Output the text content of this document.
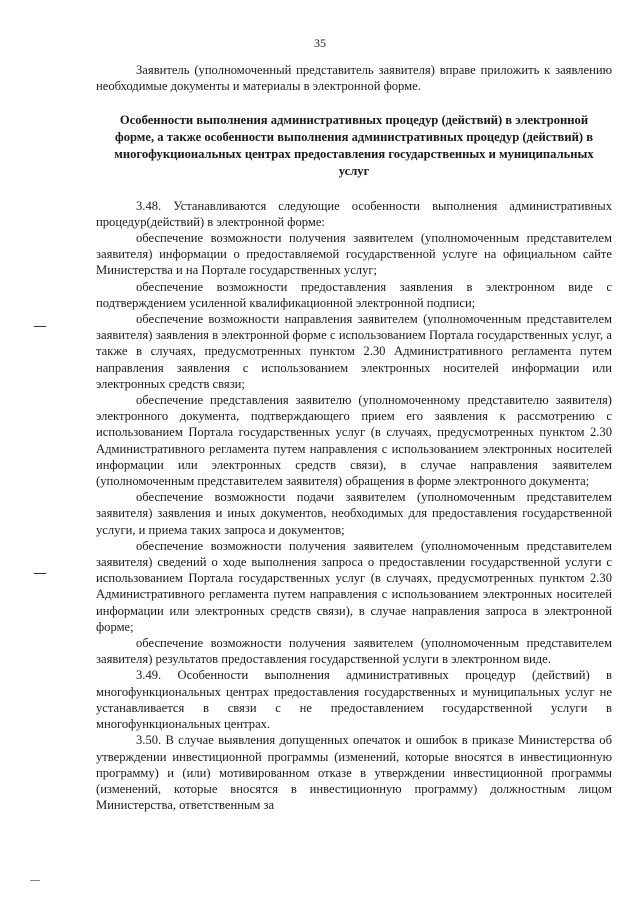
35

Заявитель (уполномоченный представитель заявителя) вправе приложить к заявлению необходимые документы и материалы в электронной форме.

Особенности выполнения административных процедур (действий) в электронной форме, а также особенности выполнения административных процедур (действий) в многофукциональных центрах предоставления государственных и муниципальных услуг

3.48. Устанавливаются следующие особенности выполнения административных процедур(действий) в электронной форме:

обеспечение возможности получения заявителем (уполномоченным представителем заявителя) информации о предоставляемой государственной услуге на официальном сайте Министерства и на Портале государственных услуг;

обеспечение возможности предоставления заявления в электронном виде с подтверждением усиленной квалификационной электронной подписи;

обеспечение возможности направления заявителем (уполномоченным представителем заявителя) заявления в электронной форме с использованием Портала государственных услуг, а также в случаях, предусмотренных пунктом 2.30 Административного регламента путем направления заявления с использованием электронных носителей информации или электронных средств связи;

обеспечение представления заявителю (уполномоченному представителю заявителя) электронного документа, подтверждающего прием его заявления к рассмотрению с использованием Портала государственных услуг (в случаях, предусмотренных пунктом 2.30 Административного регламента путем направления с использованием электронных носителей информации или электронных средств связи), в случае направления заявителем (уполномоченным представителем заявителя) обращения в форме электронного документа;

обеспечение возможности подачи заявителем (уполномоченным представителем заявителя) заявления и иных документов, необходимых для предоставления государственной услуги, и приема таких запроса и документов;

обеспечение возможности получения заявителем (уполномоченным представителем заявителя) сведений о ходе выполнения запроса о предоставлении государственной услуги с использованием Портала государственных услуг (в случаях, предусмотренных пунктом 2.30 Административного регламента путем направления с использованием электронных носителей информации или электронных средств связи), в случае направления запроса в электронной форме;

обеспечение возможности получения заявителем (уполномоченным представителем заявителя) результатов предоставления государственной услуги в электронном виде.

3.49. Особенности выполнения административных процедур (действий) в многофункциональных центрах предоставления государственных и муниципальных услуг не устанавливается в связи с не предоставлением государственной услуги в многофункциональных центрах.

3.50. В случае выявления допущенных опечаток и ошибок в приказе Министерства об утверждении инвестиционной программы (изменений, которые вносятся в инвестиционную программу) и (или) мотивированном отказе в утверждении инвестиционной программы (изменений, которые вносятся в инвестиционную программу) должностным лицом Министерства, ответственным за
